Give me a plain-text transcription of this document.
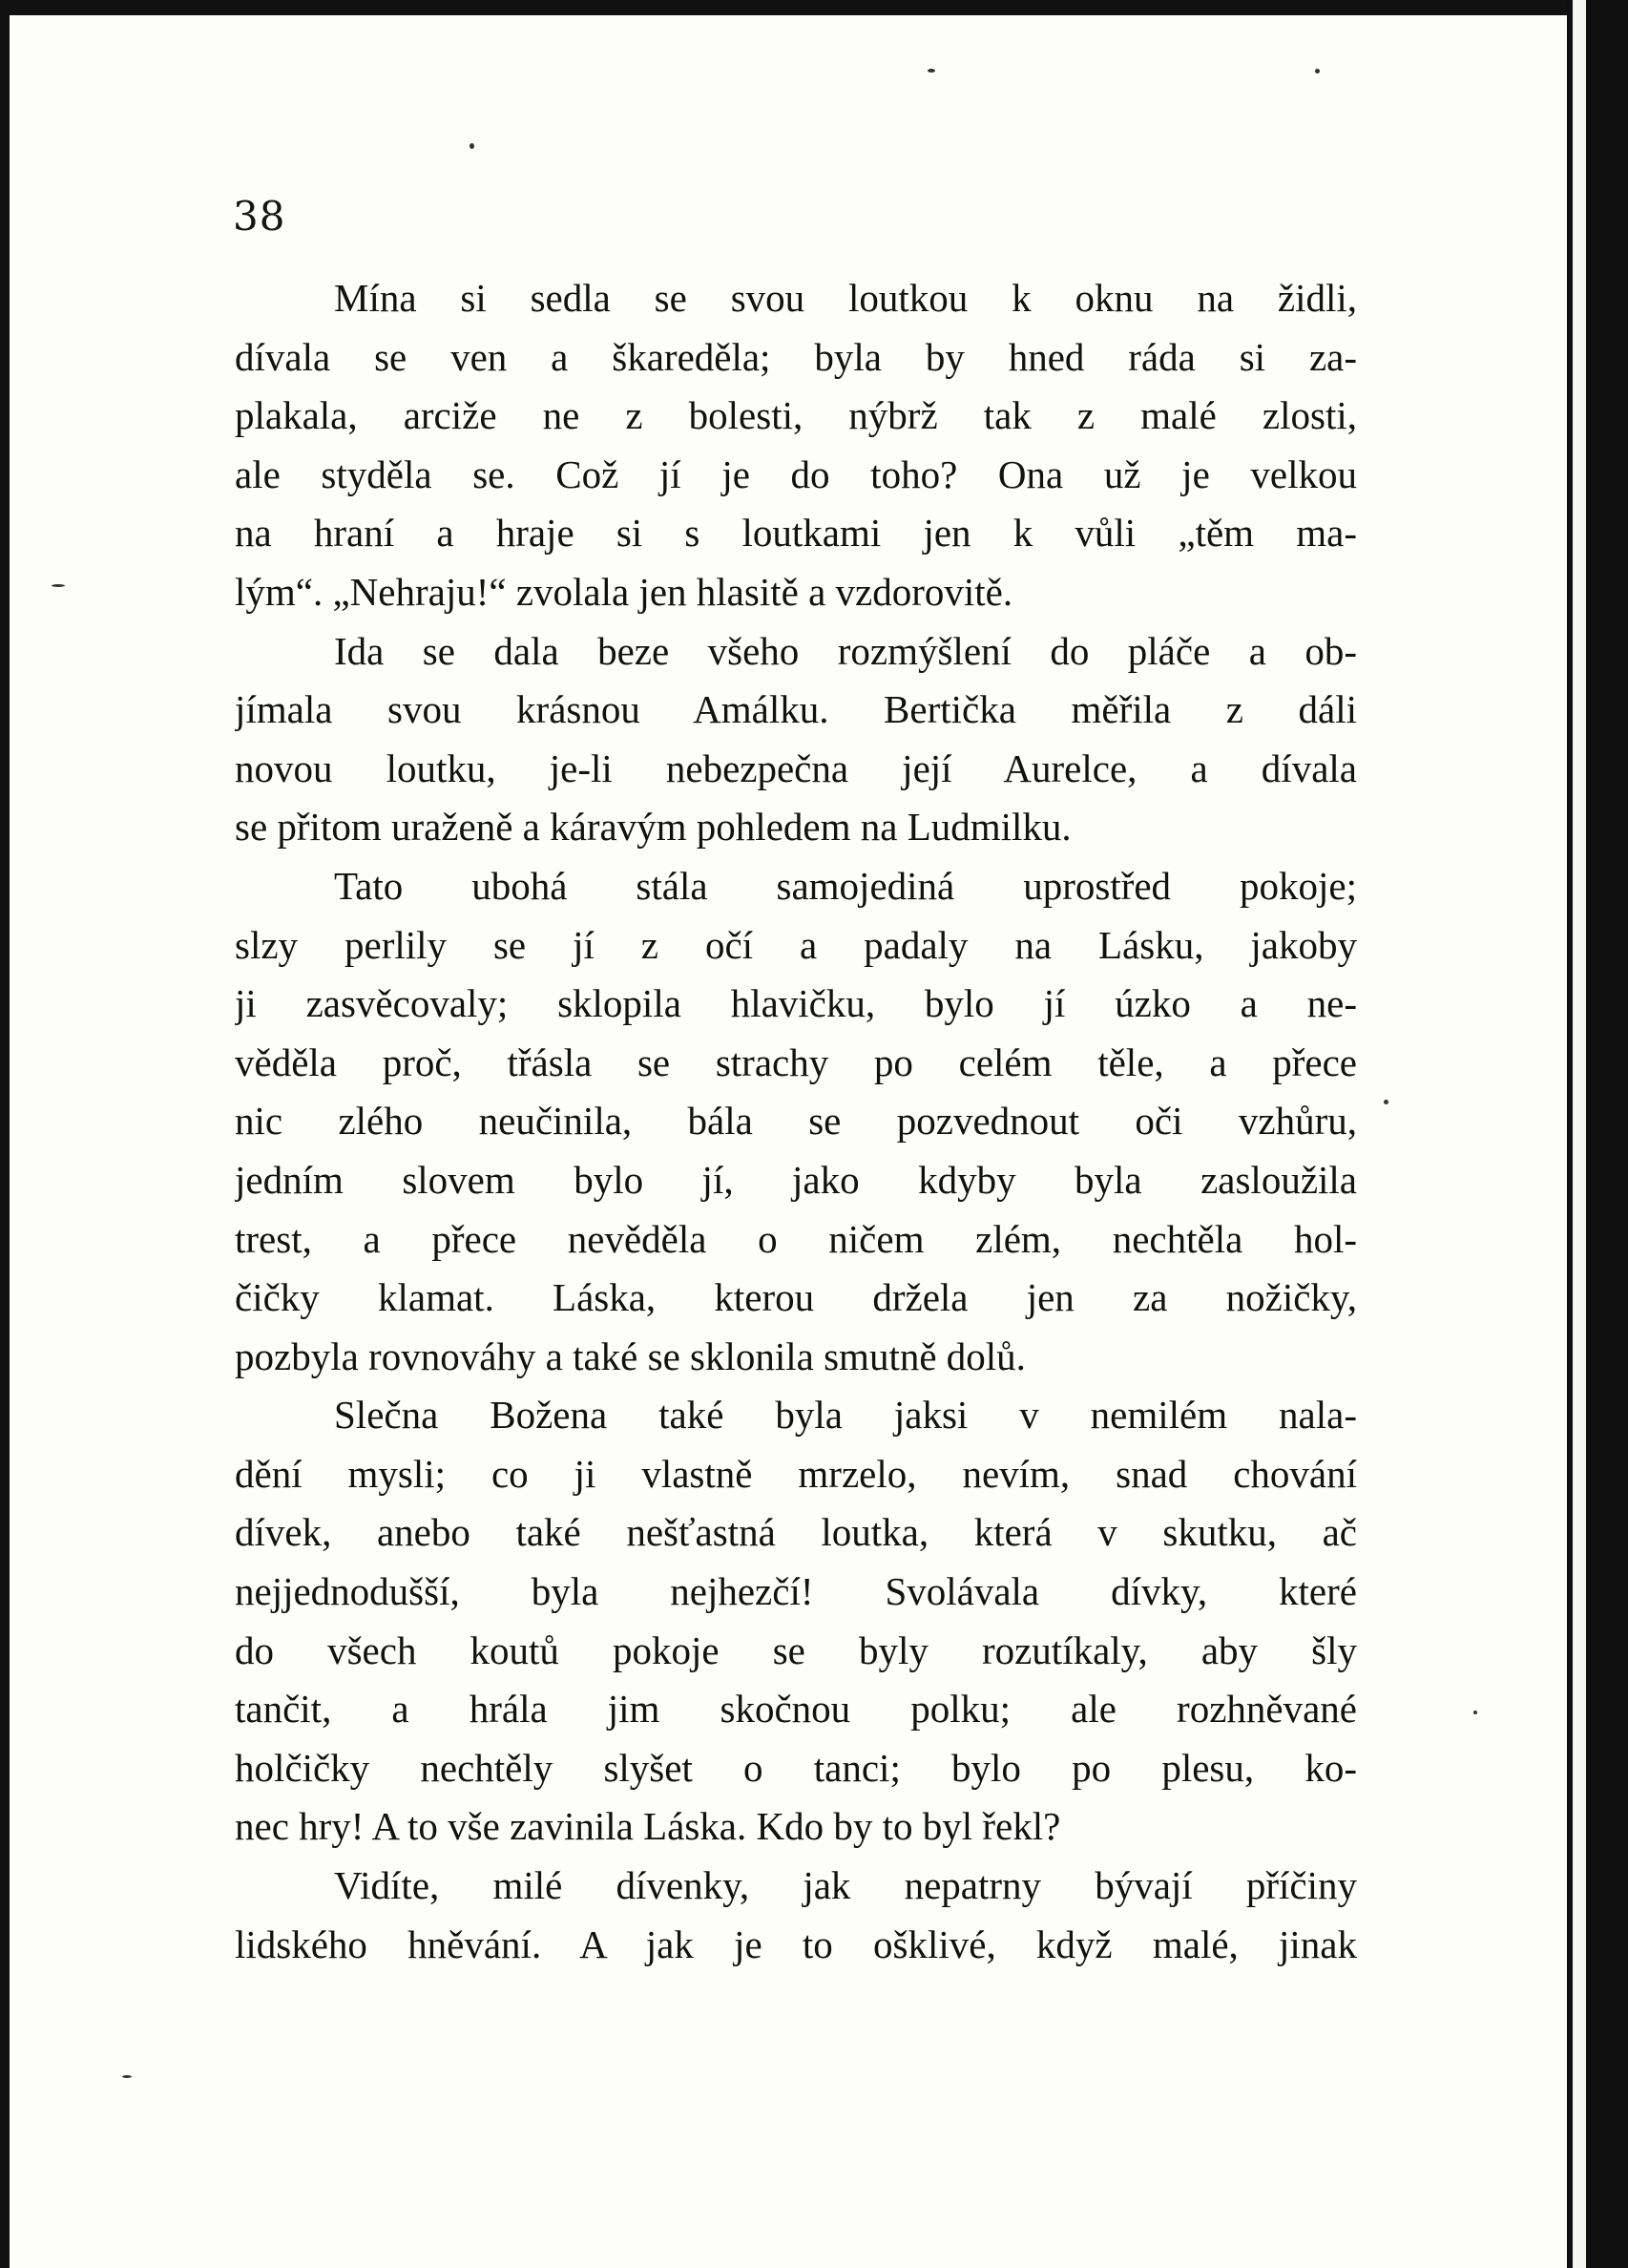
38
Mína si sedla se svou loutkou k oknu na židli,
dívala se ven a škareděla; byla by hned ráda si za-
plakala, arciže ne z bolesti, nýbrž tak z malé zlosti,
ale styděla se. Což jí je do toho? Ona už je velkou
na hraní a hraje si s loutkami jen k vůli „těm ma-
lým“. „Nehraju!“ zvolala jen hlasitě a vzdorovitě.
Ida se dala beze všeho rozmýšlení do pláče a ob-
jímala svou krásnou Amálku. Bertička měřila z dáli
novou loutku, je-li nebezpečna její Aurelce, a dívala
se přitom uraženě a káravým pohledem na Ludmilku.
Tato ubohá stála samojediná uprostřed pokoje;
slzy perlily se jí z očí a padaly na Lásku, jakoby
ji zasvěcovaly; sklopila hlavičku, bylo jí úzko a ne-
věděla proč, třásla se strachy po celém těle, a přece
nic zlého neučinila, bála se pozvednout oči vzhůru,
jedním slovem bylo jí, jako kdyby byla zasloužila
trest, a přece nevěděla o ničem zlém, nechtěla hol-
čičky klamat. Láska, kterou držela jen za nožičky,
pozbyla rovnováhy a také se sklonila smutně dolů.
Slečna Božena také byla jaksi v nemilém nala-
dění mysli; co ji vlastně mrzelo, nevím, snad chování
dívek, anebo také nešťastná loutka, která v skutku, ač
nejjednodušší, byla nejhezčí! Svolávala dívky, které
do všech koutů pokoje se byly rozutíkaly, aby šly
tančit, a hrála jim skočnou polku; ale rozhněvané
holčičky nechtěly slyšet o tanci; bylo po plesu, ko-
nec hry! A to vše zavinila Láska. Kdo by to byl řekl?
Vidíte, milé dívenky, jak nepatrny bývají příčiny
lidského hněvání. A jak je to ošklivé, když malé, jinak
